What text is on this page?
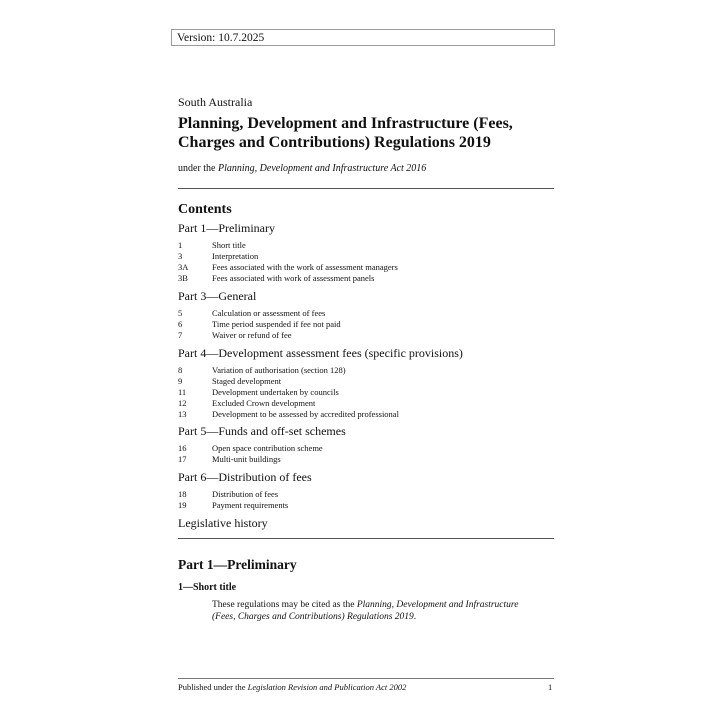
Version: 10.7.2025
South Australia
Planning, Development and Infrastructure (Fees,
Charges and Contributions) Regulations 2019
under the Planning, Development and Infrastructure Act 2016
Contents
Part 1—Preliminary
1	Short title
3	Interpretation
3A	Fees associated with the work of assessment managers
3B	Fees associated with work of assessment panels
Part 3—General
5	Calculation or assessment of fees
6	Time period suspended if fee not paid
7	Waiver or refund of fee
Part 4—Development assessment fees (specific provisions)
8	Variation of authorisation (section 128)
9	Staged development
11	Development undertaken by councils
12	Excluded Crown development
13	Development to be assessed by accredited professional
Part 5—Funds and off-set schemes
16	Open space contribution scheme
17	Multi-unit buildings
Part 6—Distribution of fees
18	Distribution of fees
19	Payment requirements
Legislative history
Part 1—Preliminary
1—Short title
These regulations may be cited as the Planning, Development and Infrastructure (Fees, Charges and Contributions) Regulations 2019.
Published under the Legislation Revision and Publication Act 2002	1
